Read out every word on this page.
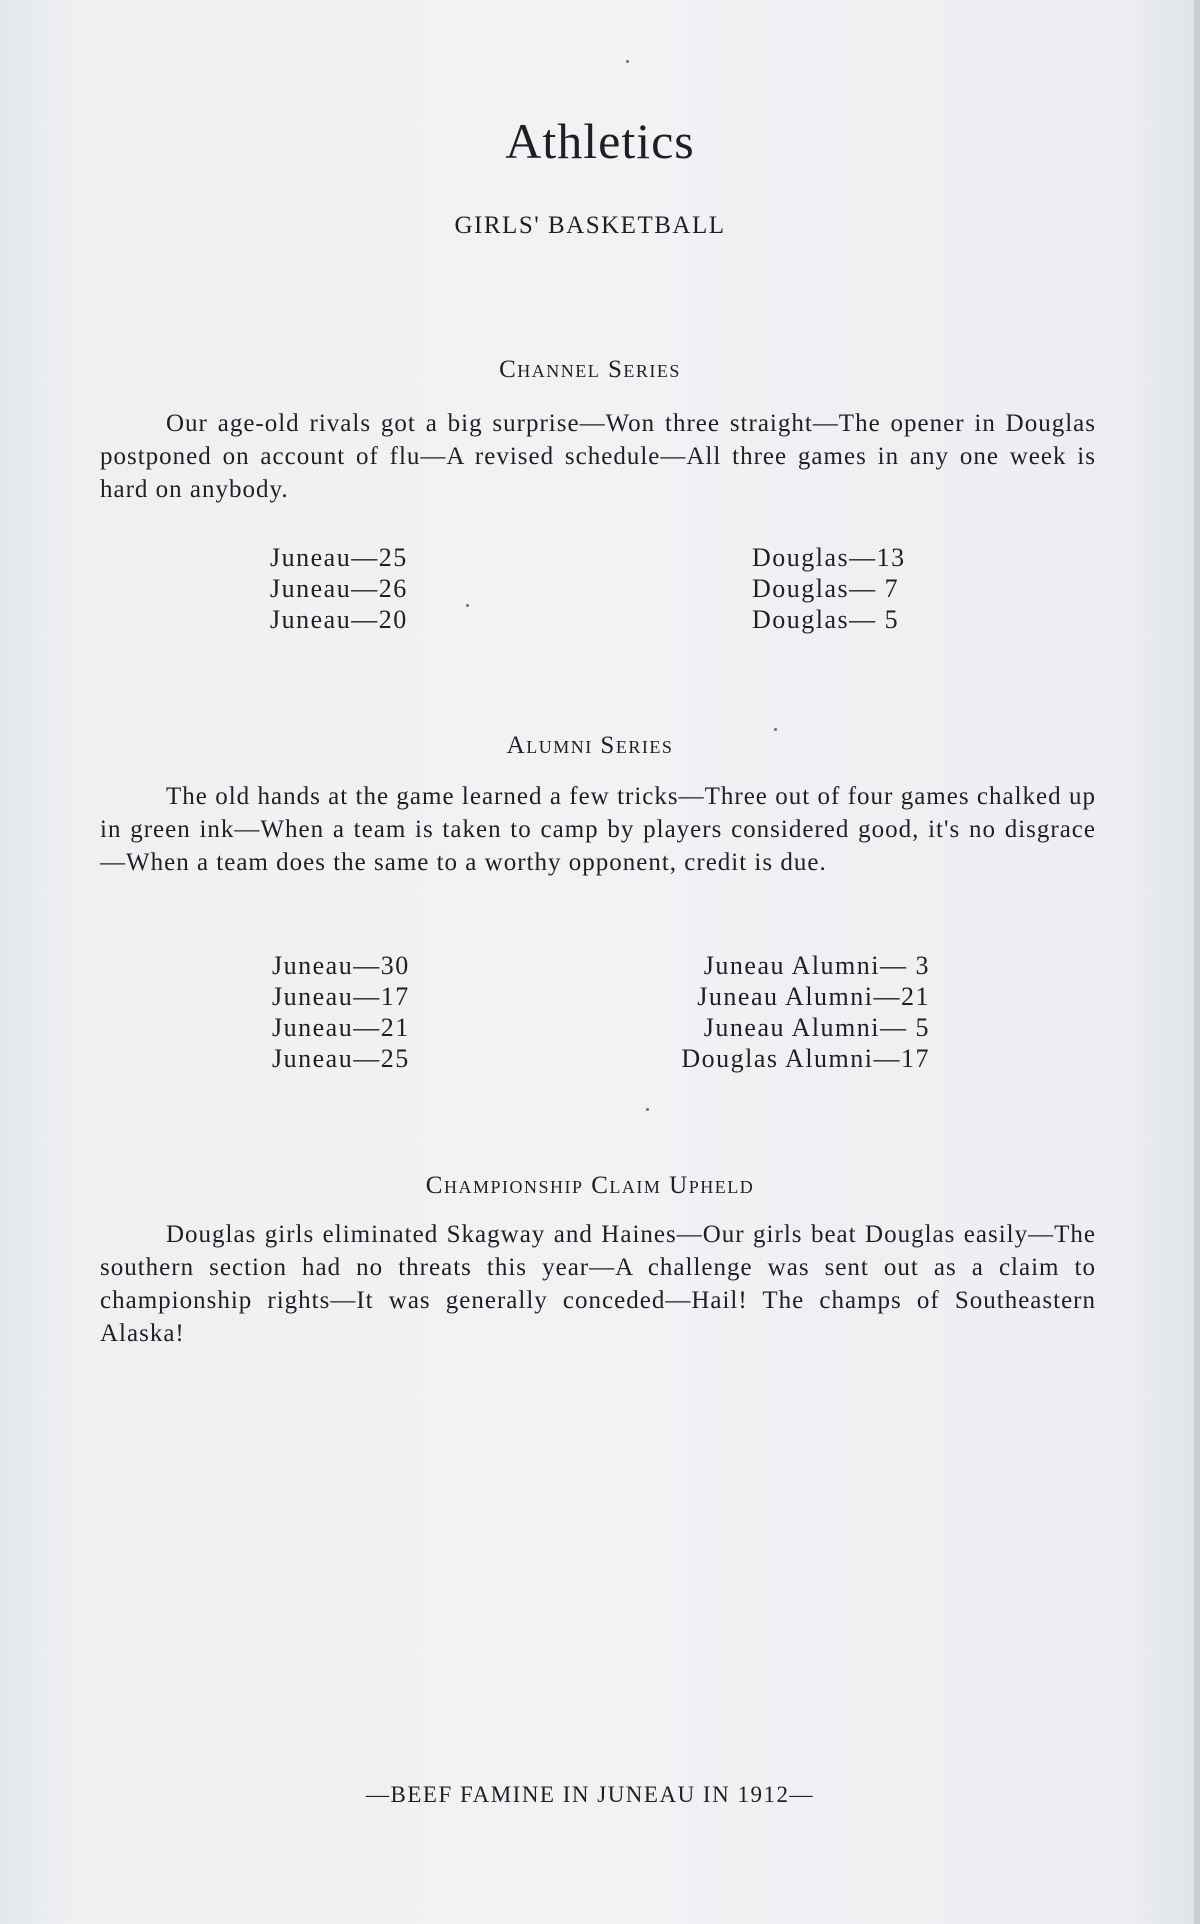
Athletics
GIRLS' BASKETBALL
Channel Series

Our age-old rivals got a big surprise—Won three straight—The opener in Douglas postponed on account of flu—A revised schedule—All three games in any one week is hard on anybody.

Juneau—25
Juneau—26
Juneau—20
Douglas—13
Douglas— 7
Douglas— 5
Alumni Series

The old hands at the game learned a few tricks—Three out of four games chalked up in green ink—When a team is taken to camp by players considered good, it's no disgrace—When a team does the same to a worthy opponent, credit is due.

Juneau—30
Juneau—17
Juneau—21
Juneau—25
Juneau Alumni— 3
Juneau Alumni—21
Juneau Alumni— 5
Douglas Alumni—17
Championship Claim Upheld

Douglas girls eliminated Skagway and Haines—Our girls beat Douglas easily—The southern section had no threats this year—A challenge was sent out as a claim to championship rights—It was generally conceded—Hail! The champs of Southeastern Alaska!

—BEEF FAMINE IN JUNEAU IN 1912—
